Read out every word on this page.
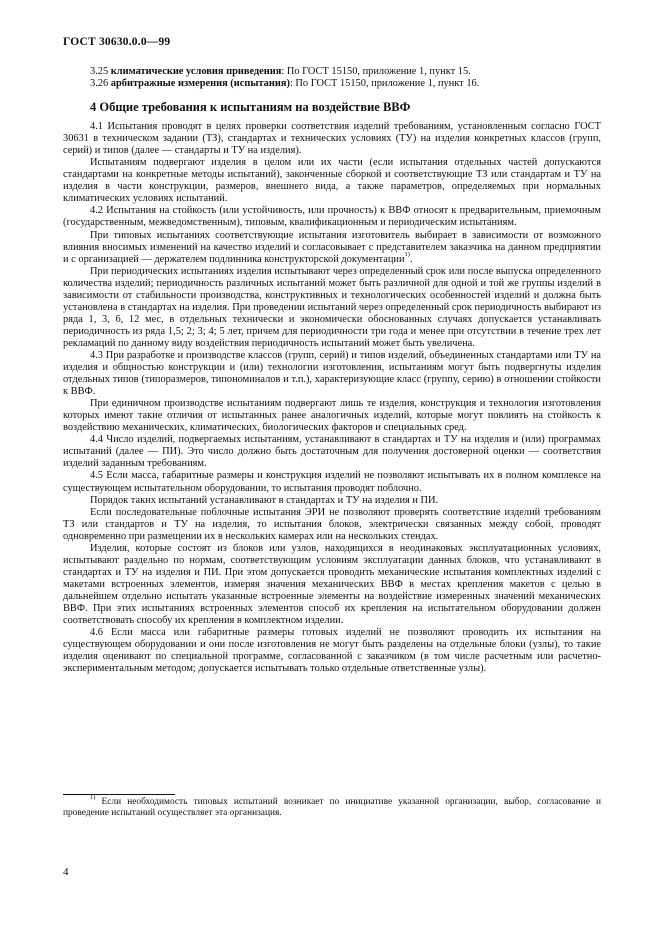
ГОСТ 30630.0.0—99

3.25 климатические условия приведения: По ГОСТ 15150, приложение 1, пункт 15.

3.26 арбитражные измерения (испытания): По ГОСТ 15150, приложение 1, пункт 16.

4 Общие требования к испытаниям на воздействие ВВФ

4.1 Испытания проводят в целях проверки соответствия изделий требованиям, установленным согласно ГОСТ 30631 в техническом задании (ТЗ), стандартах и технических условиях (ТУ) на изделия конкретных классов (групп, серий) и типов (далее — стандарты и ТУ на изделия).

Испытаниям подвергают изделия в целом или их части (если испытания отдельных частей допускаются стандартами на конкретные методы испытаний), законченные сборкой и соответствующие ТЗ или стандартам и ТУ на изделия в части конструкции, размеров, внешнего вида, а также параметров, определяемых при нормальных климатических условиях испытаний.

4.2 Испытания на стойкость (или устойчивость, или прочность) к ВВФ относят к предварительным, приемочным (государственным, межведомственным), типовым, квалификационным и периодическим испытаниям.

При типовых испытаниях соответствующие испытания изготовитель выбирает в зависимости от возможного влияния вносимых изменений на качество изделий и согласовывает с представителем заказчика на данном предприятии и с организацией — держателем подлинника конструкторской документации$^{1)}$.

При периодических испытаниях изделия испытывают через определенный срок или после выпуска определенного количества изделий; периодичность различных испытаний может быть различной для одной и той же группы изделий в зависимости от стабильности производства, конструктивных и технологических особенностей изделий и должна быть установлена в стандартах на изделия. При проведении испытаний через определенный срок периодичность выбирают из ряда 1, 3, 6, 12 мес, в отдельных технически и экономически обоснованных случаях допускается устанавливать периодичность из ряда 1,5; 2; 3; 4; 5 лет, причем для периодичности три года и менее при отсутствии в течение трех лет рекламаций по данному виду воздействия периодичность испытаний может быть увеличена.

4.3 При разработке и производстве классов (групп, серий) и типов изделий, объединенных стандартами или ТУ на изделия и общностью конструкции и (или) технологии изготовления, испытаниям могут быть подвергнуты изделия отдельных типов (типоразмеров, типономиналов и т.п.), характеризующие класс (группу, серию) в отношении стойкости к ВВФ.

При единичном производстве испытаниям подвергают лишь те изделия, конструкция и технология изготовления которых имеют такие отличия от испытанных ранее аналогичных изделий, которые могут повлиять на стойкость к воздействию механических, климатических, биологических факторов и специальных сред.

4.4 Число изделий, подвергаемых испытаниям, устанавливают в стандартах и ТУ на изделия и (или) программах испытаний (далее — ПИ). Это число должно быть достаточным для получения достоверной оценки — соответствия изделий заданным требованиям.

4.5 Если масса, габаритные размеры и конструкция изделий не позволяют испытывать их в полном комплексе на существующем испытательном оборудовании, то испытания проводят поблочно.

Порядок таких испытаний устанавливают в стандартах и ТУ на изделия и ПИ.

Если последовательные поблочные испытания ЭРИ не позволяют проверять соответствие изделий требованиям ТЗ или стандартов и ТУ на изделия, то испытания блоков, электрически связанных между собой, проводят одновременно при размещении их в нескольких камерах или на нескольких стендах.

Изделия, которые состоят из блоков или узлов, находящихся в неодинаковых эксплуатационных условиях, испытывают раздельно по нормам, соответствующим условиям эксплуатации данных блоков, что устанавливают в стандартах и ТУ на изделия и ПИ. При этом допускается проводить механические испытания комплектных изделий с макетами встроенных элементов, измеряя значения механических ВВФ в местах крепления макетов с целью в дальнейшем отдельно испытать указанные встроенные элементы на воздействие измеренных значений механических ВВФ. При этих испытаниях встроенных элементов способ их крепления на испытательном оборудовании должен соответствовать способу их крепления в комплектном изделии.

4.6 Если масса или габаритные размеры готовых изделий не позволяют проводить их испытания на существующем оборудовании и они после изготовления не могут быть разделены на отдельные блоки (узлы), то такие изделия оценивают по специальной программе, согласованной с заказчиком (в том числе расчетным или расчетно-экспериментальным методом; допускается испытывать только отдельные ответственные узлы).

$^{1)}$ Если необходимость типовых испытаний возникает по инициативе указанной организации, выбор, согласование и проведение испытаний осуществляет эта организация.
4
